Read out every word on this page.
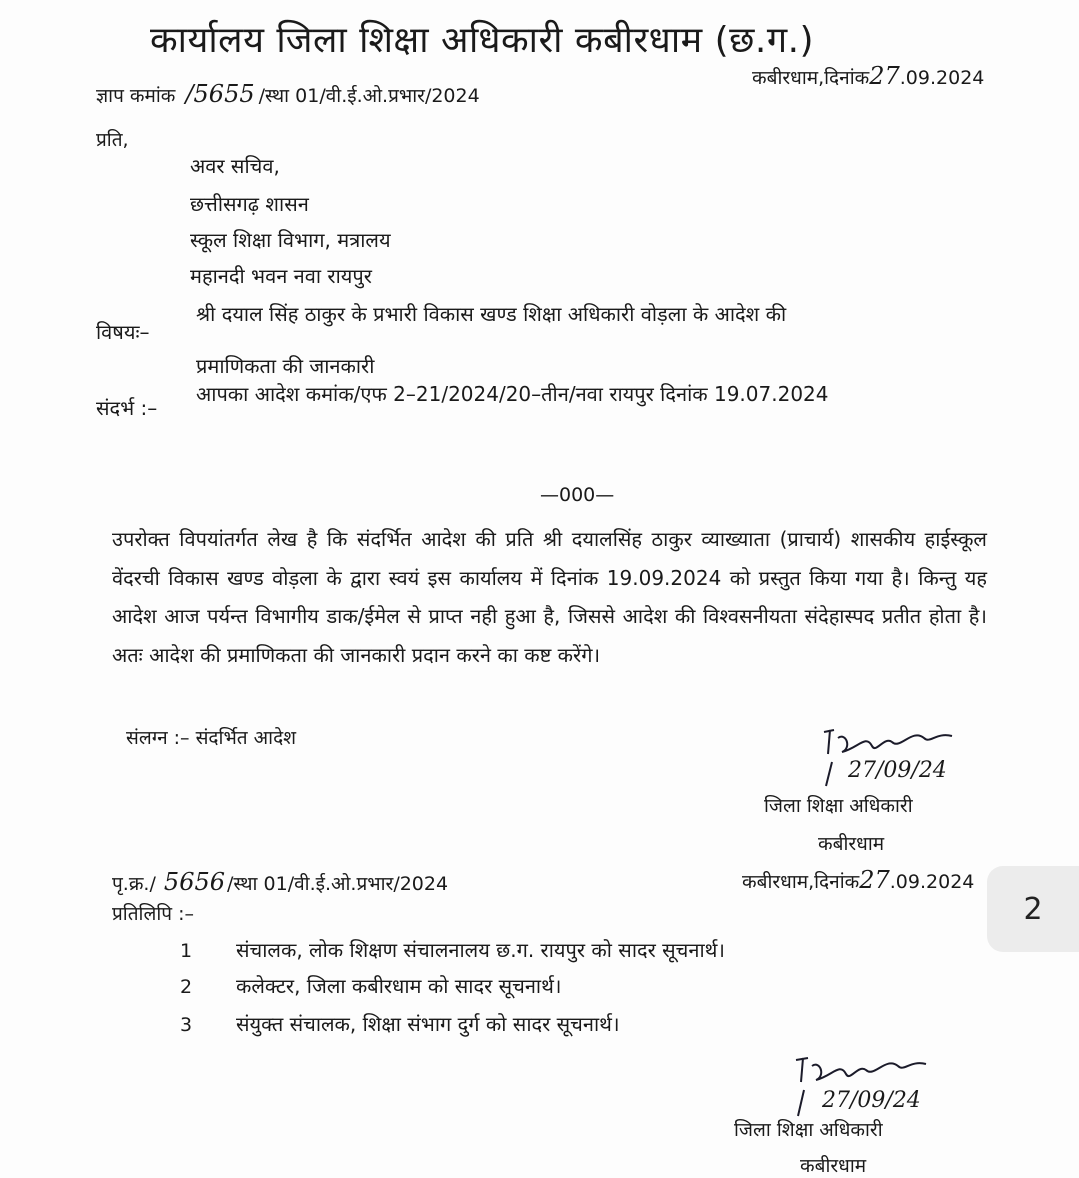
कार्यालय जिला शिक्षा अधिकारी कबीरधाम (छ.ग.)
ज्ञाप कमांक /5655 /स्था 01/वी.ई.ओ.प्रभार/2024
कबीरधाम,दिनांक27.09.2024
प्रति,
अवर सचिव,
छत्तीसगढ़ शासन
स्कूल शिक्षा विभाग, मत्रालय
महानदी भवन नवा रायपुर
विषयः–
श्री दयाल सिंह ठाकुर के प्रभारी विकास खण्ड शिक्षा अधिकारी वोड़ला के आदेश की
प्रमाणिकता की जानकारी
संदर्भ :–
आपका आदेश कमांक/एफ 2–21/2024/20–तीन/नवा रायपुर दिनांक 19.07.2024
—000—
उपरोक्त विपयांतर्गत लेख है कि संदर्भित आदेश की प्रति श्री दयालसिंह ठाकुर व्याख्याता (प्राचार्य) शासकीय हाईस्कूल वेंदरची विकास खण्ड वोड़ला के द्वारा स्वयं इस कार्यालय में दिनांक 19.09.2024 को प्रस्तुत किया गया है। किन्तु यह आदेश आज पर्यन्त विभागीय डाक/ईमेल से प्राप्त नही हुआ है, जिससे आदेश की विश्वसनीयता संदेहास्पद प्रतीत होता है। अतः आदेश की प्रमाणिकता की जानकारी प्रदान करने का कष्ट करेंगे।
संलग्न :– संदर्भित आदेश
27/09/24
जिला शिक्षा अधिकारी
कबीरधाम
पृ.क्र./ 5656 /स्था 01/वी.ई.ओ.प्रभार/2024	कबीरधाम,दिनांक27.09.2024
प्रतिलिपि :–
1 संचालक, लोक शिक्षण संचालनालय छ.ग. रायपुर को सादर सूचनार्थ।
2 कलेक्टर, जिला कबीरधाम को सादर सूचनार्थ।
3 संयुक्त संचालक, शिक्षा संभाग दुर्ग को सादर सूचनार्थ।
27/09/24
जिला शिक्षा अधिकारी
कबीरधाम
2
